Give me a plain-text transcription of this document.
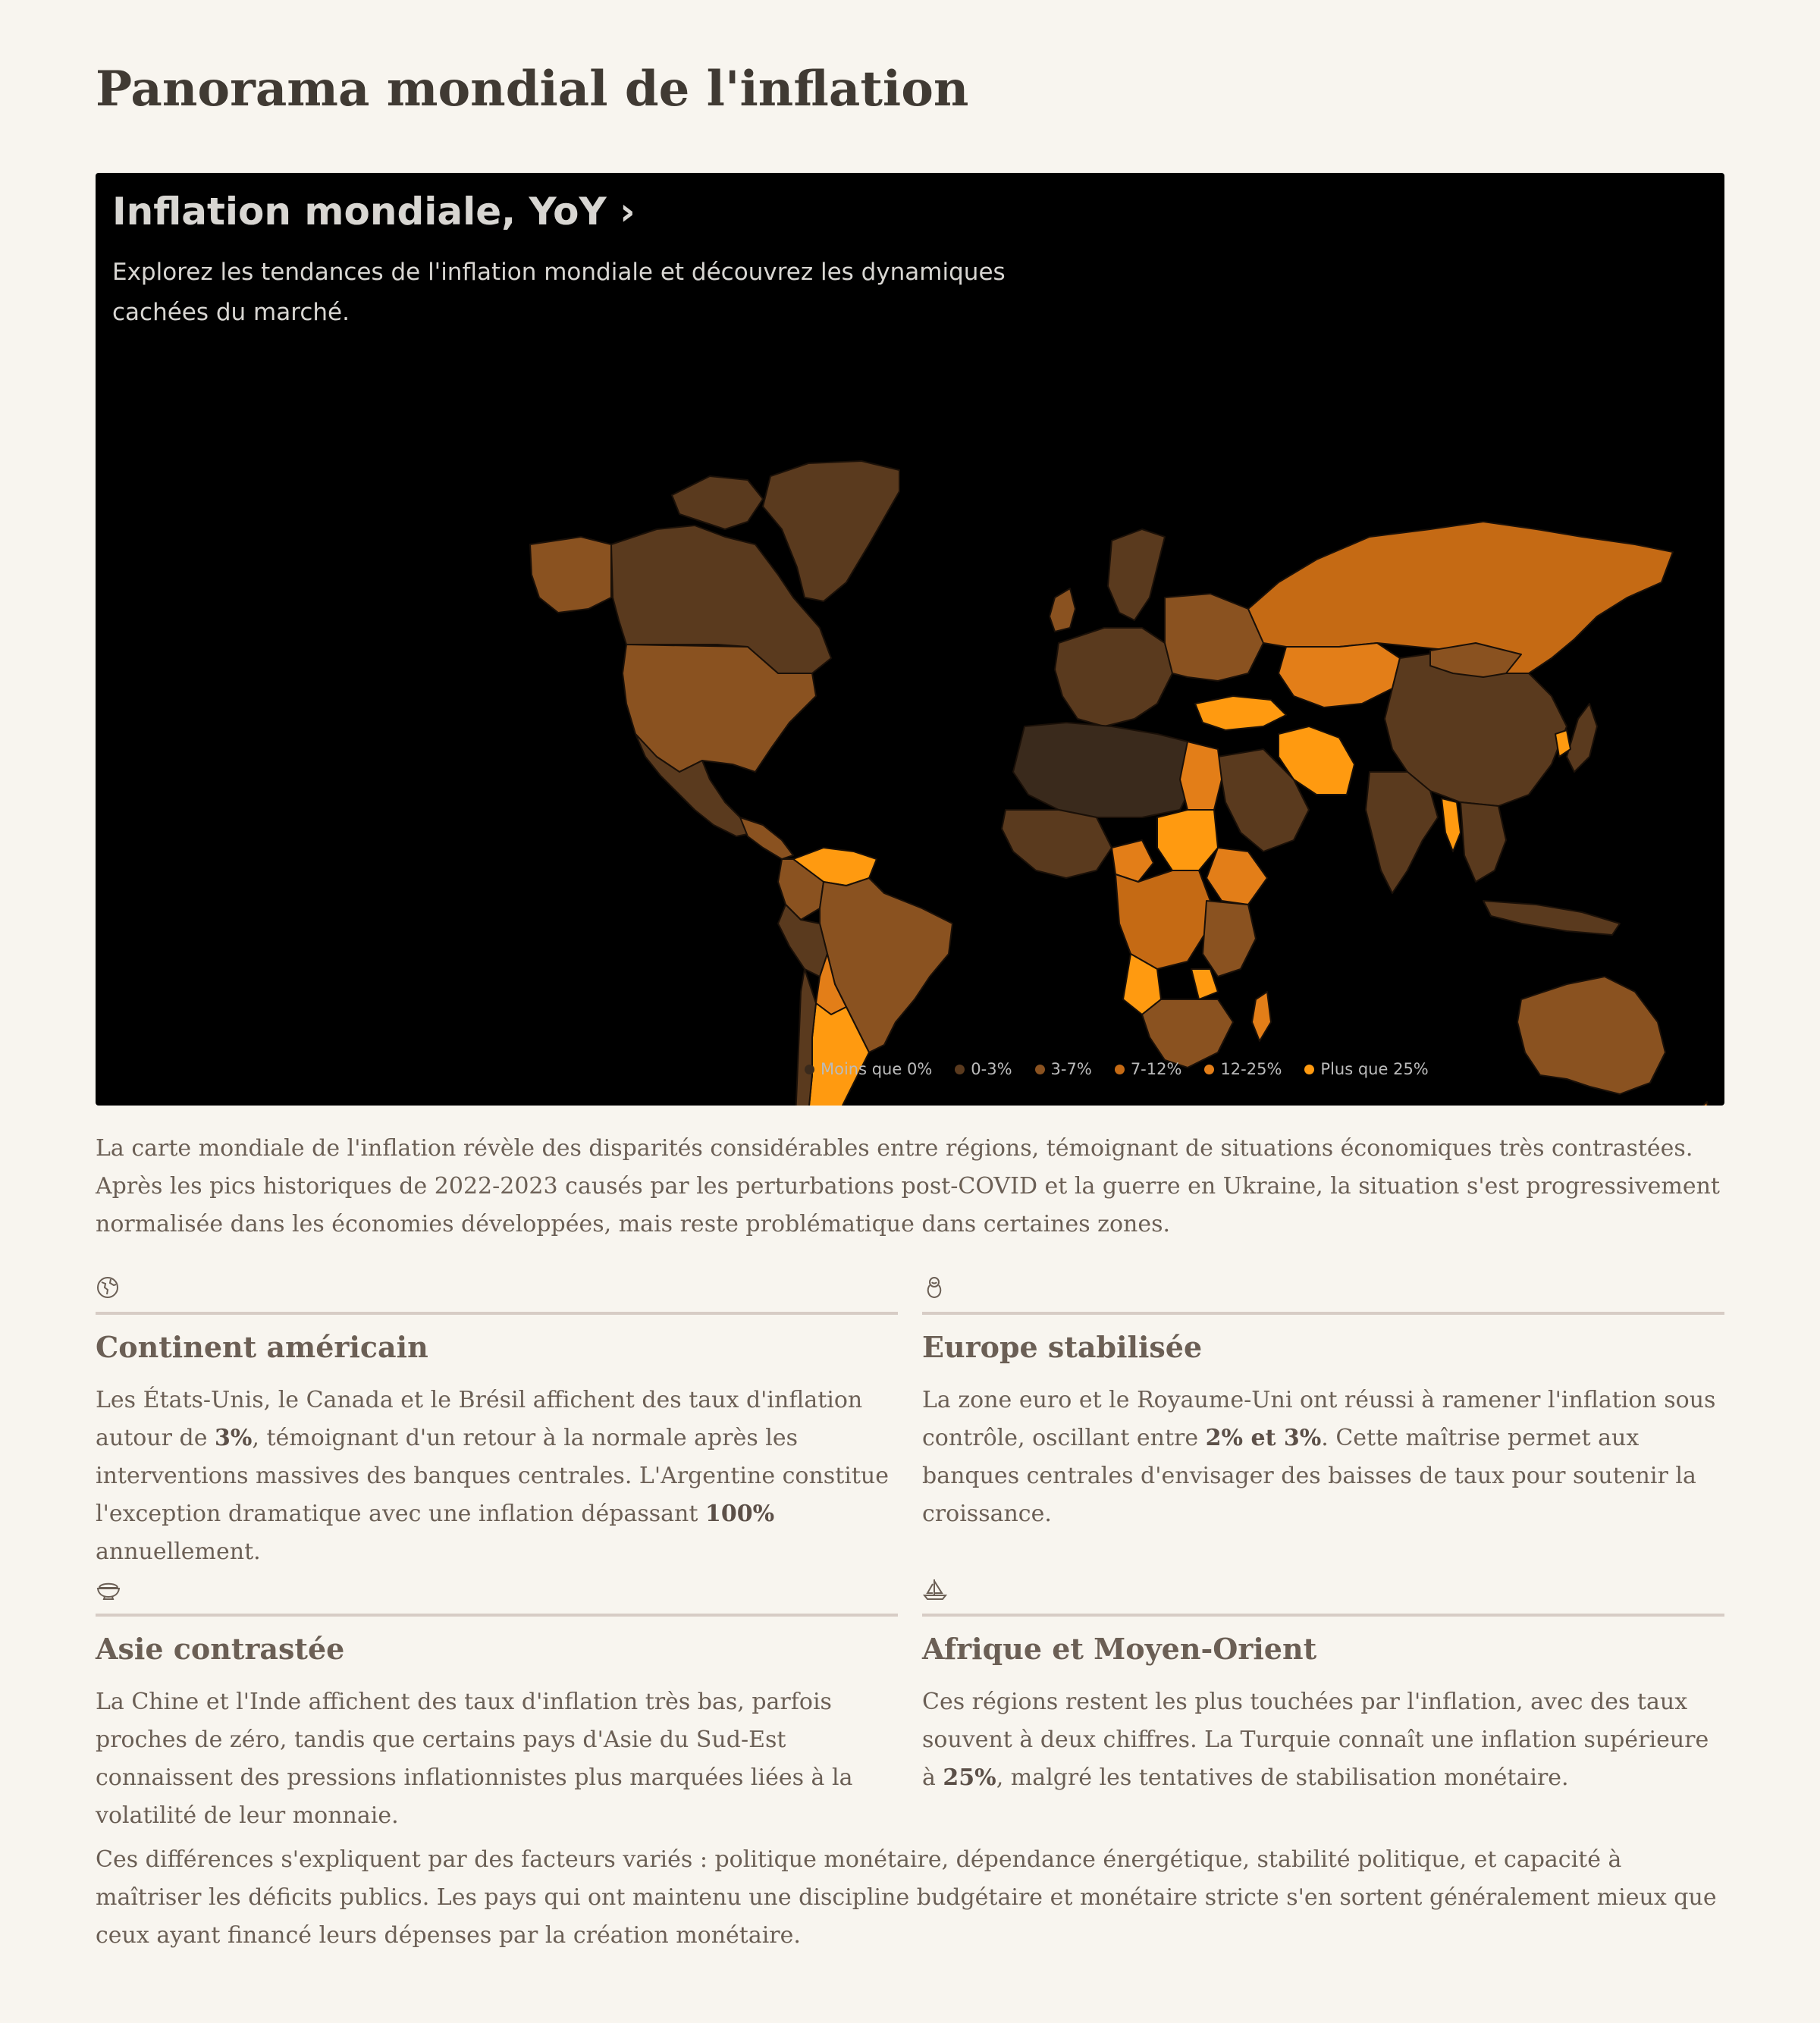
Panorama mondial de l'inflation
Inflation mondiale, YoY ›
Explorez les tendances de l'inflation mondiale et découvrez les dynamiques cachées du marché.
Moins que 0% 0-3% 3-7% 7-12% 12-25% Plus que 25%

La carte mondiale de l'inflation révèle des disparités considérables entre régions, témoignant de situations économiques très contrastées. Après les pics historiques de 2022-2023 causés par les perturbations post-COVID et la guerre en Ukraine, la situation s'est progressivement normalisée dans les économies développées, mais reste problématique dans certaines zones.

Continent américain

Les États-Unis, le Canada et le Brésil affichent des taux d'inflation autour de 3%, témoignant d'un retour à la normale après les interventions massives des banques centrales. L'Argentine constitue l'exception dramatique avec une inflation dépassant 100% annuellement.

Europe stabilisée

La zone euro et le Royaume-Uni ont réussi à ramener l'inflation sous contrôle, oscillant entre 2% et 3%. Cette maîtrise permet aux banques centrales d'envisager des baisses de taux pour soutenir la croissance.

Asie contrastée

La Chine et l'Inde affichent des taux d'inflation très bas, parfois proches de zéro, tandis que certains pays d'Asie du Sud-Est connaissent des pressions inflationnistes plus marquées liées à la volatilité de leur monnaie.

Afrique et Moyen-Orient

Ces régions restent les plus touchées par l'inflation, avec des taux souvent à deux chiffres. La Turquie connaît une inflation supérieure à 25%, malgré les tentatives de stabilisation monétaire.

Ces différences s'expliquent par des facteurs variés : politique monétaire, dépendance énergétique, stabilité politique, et capacité à maîtriser les déficits publics. Les pays qui ont maintenu une discipline budgétaire et monétaire stricte s'en sortent généralement mieux que ceux ayant financé leurs dépenses par la création monétaire.
